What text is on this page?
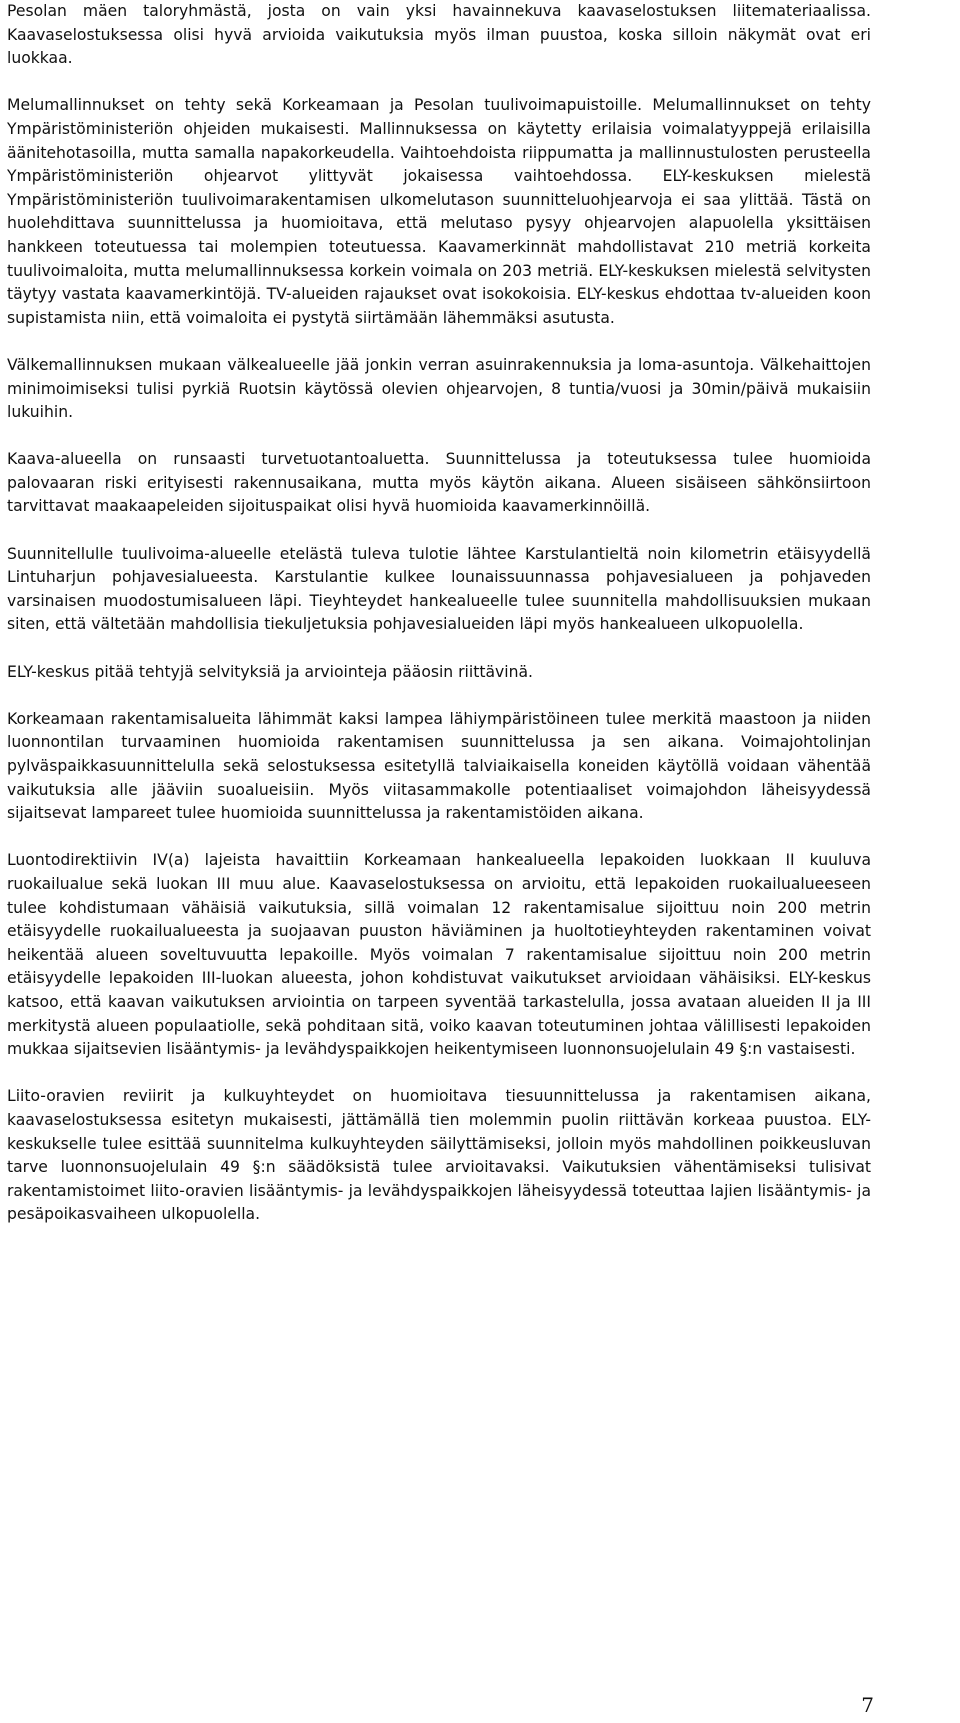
Pesolan mäen taloryhmästä, josta on vain yksi havainnekuva kaavaselostuksen liitemateriaalissa. Kaavaselostuksessa olisi hyvä arvioida vaikutuksia myös ilman puustoa, koska silloin näkymät ovat eri luokkaa.

Melumallinnukset on tehty sekä Korkeamaan ja Pesolan tuulivoimapuistoille. Melumallinnukset on tehty Ympäristöministeriön ohjeiden mukaisesti. Mallinnuksessa on käytetty erilaisia voimalatyyppejä erilaisilla äänitehotasoilla, mutta samalla napakorkeudella. Vaihtoehdoista riippumatta ja mallinnustulosten perusteella Ympäristöministeriön ohjearvot ylittyvät jokaisessa vaihtoehdossa. ELY-keskuksen mielestä Ympäristöministeriön tuulivoimarakentamisen ulkomelutason suunnitteluohjearvoja ei saa ylittää. Tästä on huolehdittava suunnittelussa ja huomioitava, että melutaso pysyy ohjearvojen alapuolella yksittäisen hankkeen toteutuessa tai molempien toteutuessa. Kaavamerkinnät mahdollistavat 210 metriä korkeita tuulivoimaloita, mutta melumallinnuksessa korkein voimala on 203 metriä. ELY-keskuksen mielestä selvitysten täytyy vastata kaavamerkintöjä. TV-alueiden rajaukset ovat isokokoisia. ELY-keskus ehdottaa tv-alueiden koon supistamista niin, että voimaloita ei pystytä siirtämään lähemmäksi asutusta.

Välkemallinnuksen mukaan välkealueelle jää jonkin verran asuinrakennuksia ja loma-asuntoja. Välkehaittojen minimoimiseksi tulisi pyrkiä Ruotsin käytössä olevien ohjearvojen, 8 tuntia/vuosi ja 30min/päivä mukaisiin lukuihin.

Kaava-alueella on runsaasti turvetuotantoaluetta. Suunnittelussa ja toteutuksessa tulee huomioida palovaaran riski erityisesti rakennusaikana, mutta myös käytön aikana. Alueen sisäiseen sähkönsiirtoon tarvittavat maakaapeleiden sijoituspaikat olisi hyvä huomioida kaavamerkinnöillä.

Suunnitellulle tuulivoima-alueelle etelästä tuleva tulotie lähtee Karstulantieltä noin kilometrin etäisyydellä Lintuharjun pohjavesialueesta. Karstulantie kulkee lounaissuunnassa pohjavesialueen ja pohjaveden varsinaisen muodostumisalueen läpi. Tieyhteydet hankealueelle tulee suunnitella mahdollisuuksien mukaan siten, että vältetään mahdollisia tiekuljetuksia pohjavesialueiden läpi myös hankealueen ulkopuolella.

ELY-keskus pitää tehtyjä selvityksiä ja arviointeja pääosin riittävinä.

Korkeamaan rakentamisalueita lähimmät kaksi lampea lähiympäristöineen tulee merkitä maastoon ja niiden luonnontilan turvaaminen huomioida rakentamisen suunnittelussa ja sen aikana. Voimajohtolinjan pylväspaikkasuunnittelulla sekä selostuksessa esitetyllä talviaikaisella koneiden käytöllä voidaan vähentää vaikutuksia alle jääviin suoalueisiin. Myös viitasammakolle potentiaaliset voimajohdon läheisyydessä sijaitsevat lampareet tulee huomioida suunnittelussa ja rakentamistöiden aikana.

Luontodirektiivin IV(a) lajeista havaittiin Korkeamaan hankealueella lepakoiden luokkaan II kuuluva ruokailualue sekä luokan III muu alue. Kaavaselostuksessa on arvioitu, että lepakoiden ruokailualueeseen tulee kohdistumaan vähäisiä vaikutuksia, sillä voimalan 12 rakentamisalue sijoittuu noin 200 metrin etäisyydelle ruokailualueesta ja suojaavan puuston häviäminen ja huoltotieyhteyden rakentaminen voivat heikentää alueen soveltuvuutta lepakoille. Myös voimalan 7 rakentamisalue sijoittuu noin 200 metrin etäisyydelle lepakoiden III-luokan alueesta, johon kohdistuvat vaikutukset arvioidaan vähäisiksi. ELY-keskus katsoo, että kaavan vaikutuksen arviointia on tarpeen syventää tarkastelulla, jossa avataan alueiden II ja III merkitystä alueen populaatiolle, sekä pohditaan sitä, voiko kaavan toteutuminen johtaa välillisesti lepakoiden mukkaa sijaitsevien lisääntymis- ja levähdyspaikkojen heikentymiseen luonnonsuojelulain 49 §:n vastaisesti.

Liito-oravien reviirit ja kulkuyhteydet on huomioitava tiesuunnittelussa ja rakentamisen aikana, kaavaselostuksessa esitetyn mukaisesti, jättämällä tien molemmin puolin riittävän korkeaa puustoa. ELY-keskukselle tulee esittää suunnitelma kulkuyhteyden säilyttämiseksi, jolloin myös mahdollinen poikkeusluvan tarve luonnonsuojelulain 49 §:n säädöksistä tulee arvioitavaksi. Vaikutuksien vähentämiseksi tulisivat rakentamistoimet liito-oravien lisääntymis- ja levähdyspaikkojen läheisyydessä toteuttaa lajien lisääntymis- ja pesäpoikasvaiheen ulkopuolella.

7
